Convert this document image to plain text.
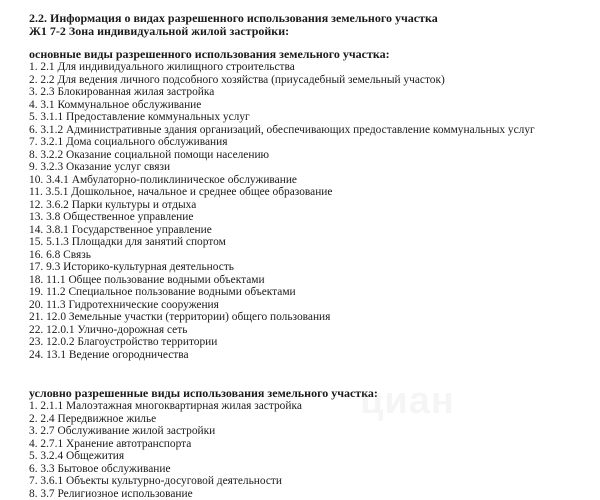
2.2. Информация о видах разрешенного использования земельного участка

Ж1 7-2 Зона индивидуальной жилой застройки:

основные виды разрешенного использования земельного участка:

1. 2.1 Для индивидуального жилищного строительства
2. 2.2 Для ведения личного подсобного хозяйства (приусадебный земельный участок)
3. 2.3 Блокированная жилая застройка
4. 3.1 Коммунальное обслуживание
5. 3.1.1 Предоставление коммунальных услуг
6. 3.1.2 Административные здания организаций, обеспечивающих предоставление коммунальных услуг
7. 3.2.1 Дома социального обслуживания
8. 3.2.2 Оказание социальной помощи населению
9. 3.2.3 Оказание услуг связи
10. 3.4.1 Амбулаторно-поликлиническое обслуживание
11. 3.5.1 Дошкольное, начальное и среднее общее образование
12. 3.6.2 Парки культуры и отдыха
13. 3.8 Общественное управление
14. 3.8.1 Государственное управление
15. 5.1.3 Площадки для занятий спортом
16. 6.8 Связь
17. 9.3 Историко-культурная деятельность
18. 11.1 Общее пользование водными объектами
19. 11.2 Специальное пользование водными объектами
20. 11.3 Гидротехнические сооружения
21. 12.0 Земельные участки (территории) общего пользования
22. 12.0.1 Улично-дорожная сеть
23. 12.0.2 Благоустройство территории
24. 13.1 Ведение огородничества

условно разрешенные виды использования земельного участка:

1. 2.1.1 Малоэтажная многоквартирная жилая застройка
2. 2.4 Передвижное жилье
3. 2.7 Обслуживание жилой застройки
4. 2.7.1 Хранение автотранспорта
5. 3.2.4 Общежития
6. 3.3 Бытовое обслуживание
7. 3.6.1 Объекты культурно-досуговой деятельности
8. 3.7 Религиозное использование
циан
